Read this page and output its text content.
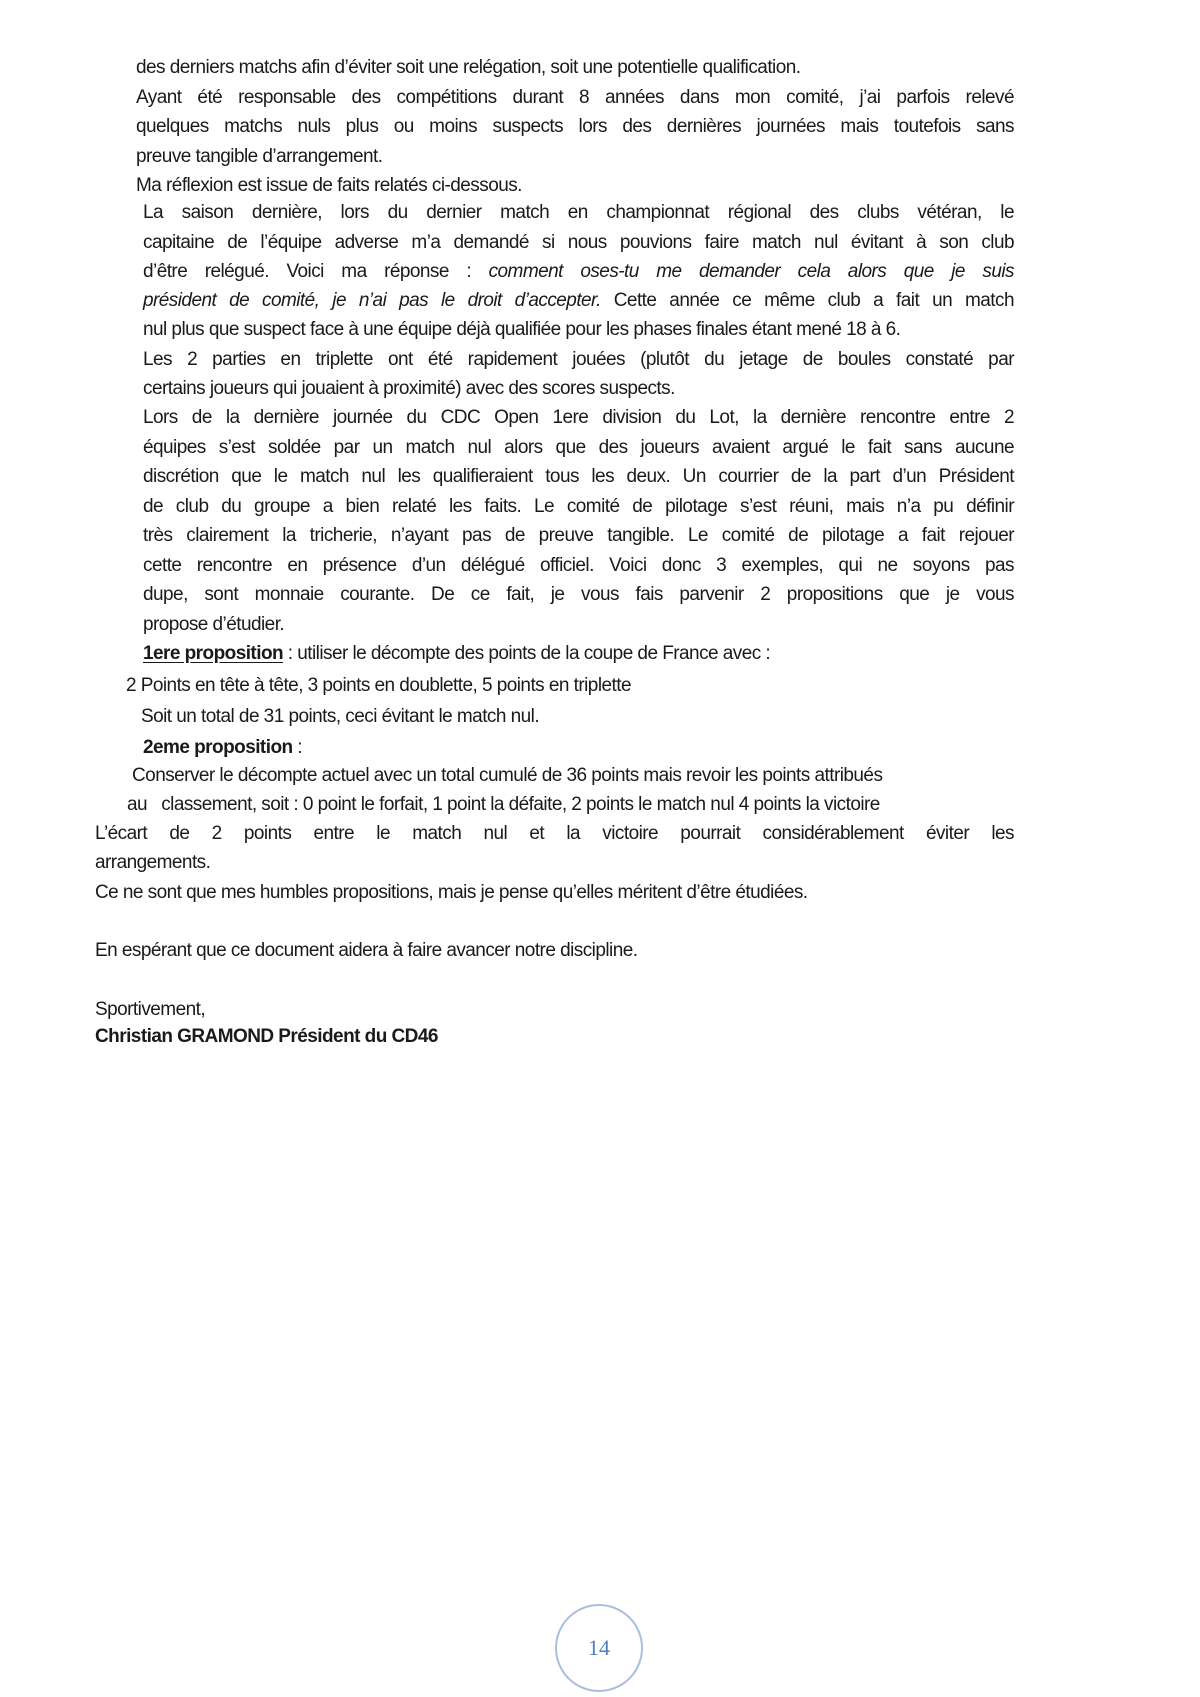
des derniers matchs afin d’éviter soit une relégation, soit une potentielle qualification.
Ayant été responsable des compétitions durant 8 années dans mon comité, j’ai parfois relevé
quelques matchs nuls plus ou moins suspects lors des dernières journées mais toutefois sans
preuve tangible d’arrangement.
Ma réflexion est issue de faits relatés ci-dessous.
La saison dernière, lors du dernier match en championnat régional des clubs vétéran, le
capitaine de l’équipe adverse m’a demandé si nous pouvions faire match nul évitant à son club
d’être relégué. Voici ma réponse : comment oses-tu me demander cela alors que je suis
président de comité, je n’ai pas le droit d’accepter. Cette année ce même club a fait un match
nul plus que suspect face à une équipe déjà qualifiée pour les phases finales étant mené 18 à 6.
Les 2 parties en triplette ont été rapidement jouées (plutôt du jetage de boules constaté par
certains joueurs qui jouaient à proximité) avec des scores suspects.
Lors de la dernière journée du CDC Open 1ere division du Lot, la dernière rencontre entre 2
équipes s’est soldée par un match nul alors que des joueurs avaient argué le fait sans aucune
discrétion que le match nul les qualifieraient tous les deux. Un courrier de la part d’un Président
de club du groupe a bien relaté les faits. Le comité de pilotage s’est réuni, mais n’a pu définir
très clairement la tricherie, n’ayant pas de preuve tangible. Le comité de pilotage a fait rejouer
cette rencontre en présence d’un délégué officiel. Voici donc 3 exemples, qui ne soyons pas
dupe, sont monnaie courante. De ce fait, je vous fais parvenir 2 propositions que je vous
propose d’étudier.
1ere proposition : utiliser le décompte des points de la coupe de France avec :
2 Points en tête à tête, 3 points en doublette, 5 points en triplette
Soit un total de 31 points, ceci évitant le match nul.
2eme proposition :
Conserver le décompte actuel avec un total cumulé de 36 points mais revoir les points attribués
au   classement, soit : 0 point le forfait, 1 point la défaite, 2 points le match nul 4 points la victoire
L’écart de 2 points entre le match nul et la victoire pourrait considérablement éviter les
arrangements.
Ce ne sont que mes humbles propositions, mais je pense qu’elles méritent d’être étudiées.
En espérant que ce document aidera à faire avancer notre discipline.
Sportivement,
Christian GRAMOND Président du CD46
14
